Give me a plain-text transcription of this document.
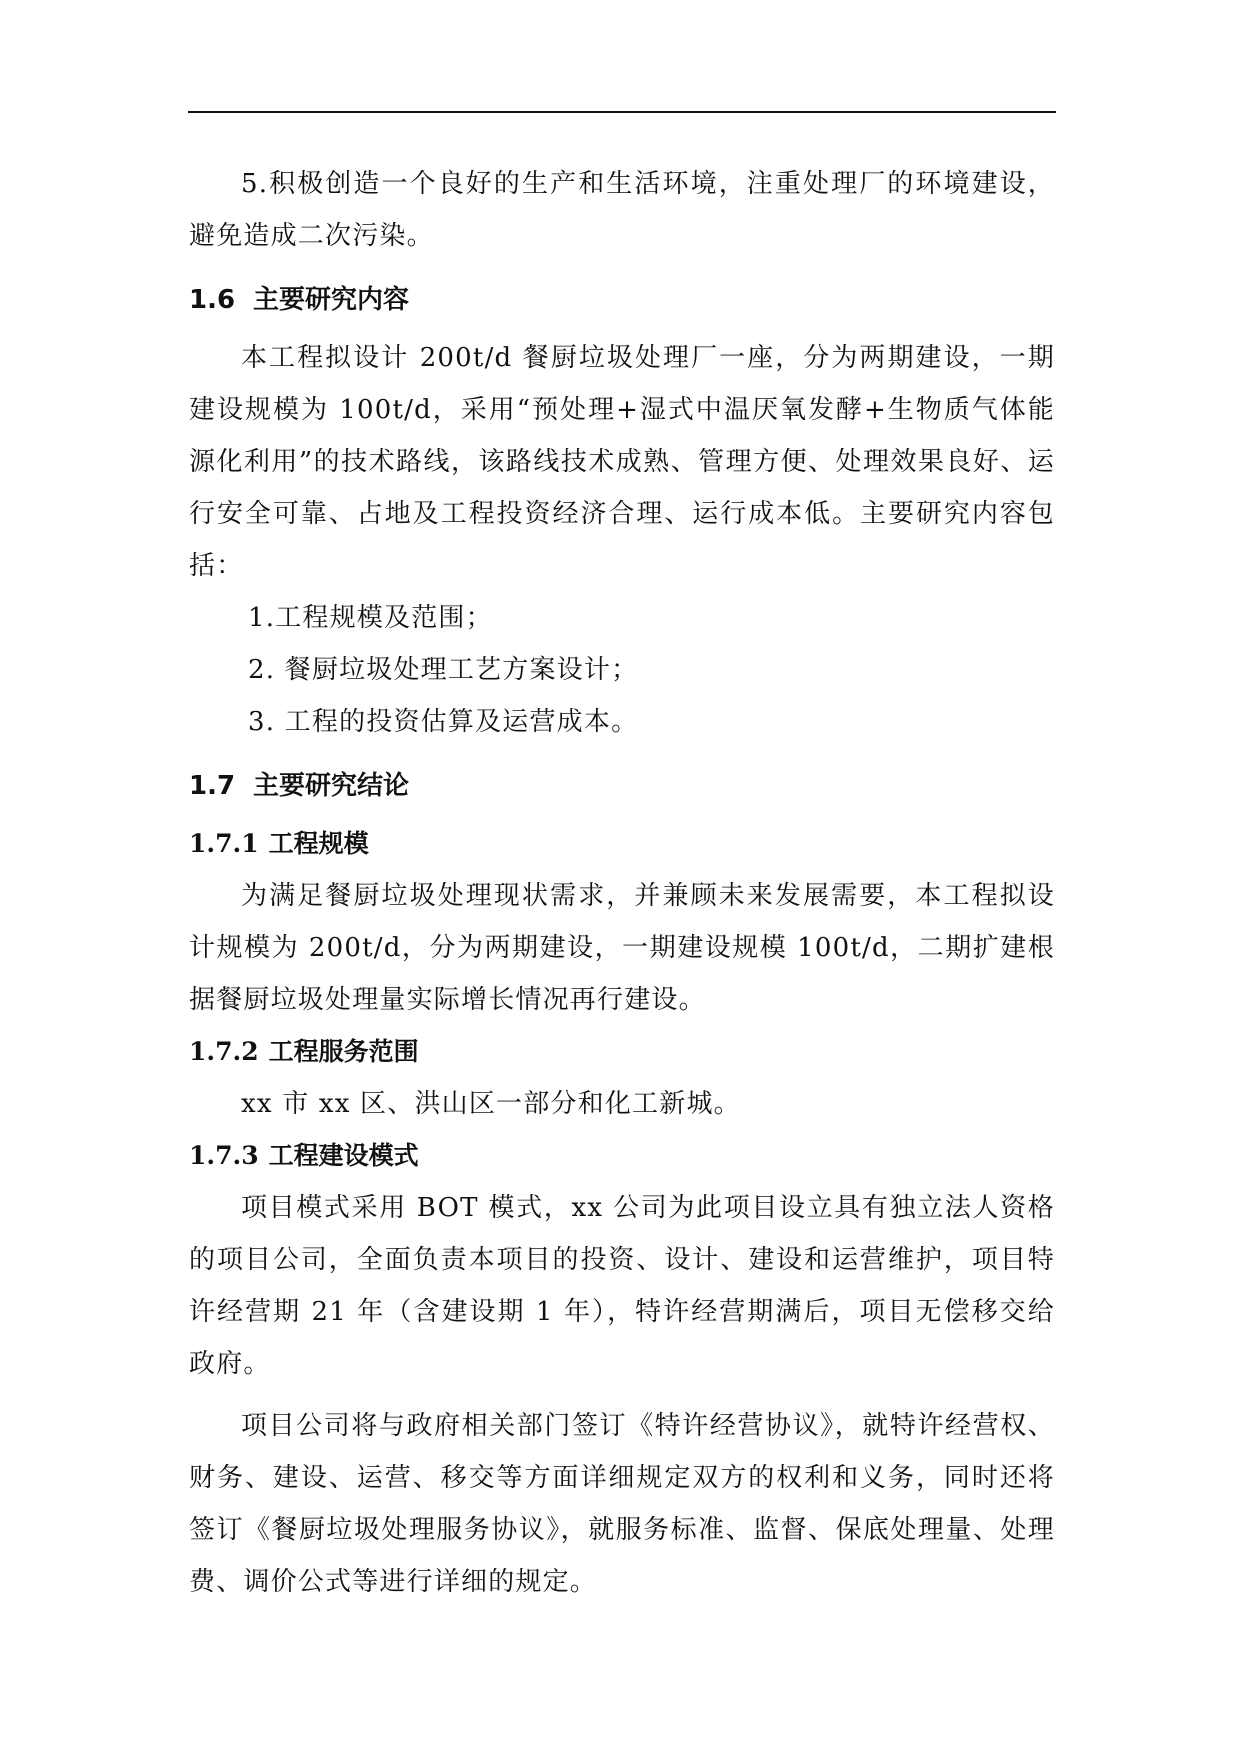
5.积极创造一个良好的生产和生活环境，注重处理厂的环境建设，避免造成二次污染。

1.6 主要研究内容

本工程拟设计 200t/d 餐厨垃圾处理厂一座，分为两期建设，一期建设规模为 100t/d，采用“预处理+湿式中温厌氧发酵+生物质气体能源化利用”的技术路线，该路线技术成熟、管理方便、处理效果良好、运行安全可靠、占地及工程投资经济合理、运行成本低。主要研究内容包括：

1.工程规模及范围；

2. 餐厨垃圾处理工艺方案设计；

3. 工程的投资估算及运营成本。

1.7 主要研究结论
1.7.1 工程规模

为满足餐厨垃圾处理现状需求，并兼顾未来发展需要，本工程拟设计规模为 200t/d，分为两期建设，一期建设规模 100t/d，二期扩建根据餐厨垃圾处理量实际增长情况再行建设。

1.7.2 工程服务范围

xx 市 xx 区、洪山区一部分和化工新城。

1.7.3 工程建设模式

项目模式采用 BOT 模式，xx 公司为此项目设立具有独立法人资格的项目公司，全面负责本项目的投资、设计、建设和运营维护，项目特许经营期 21 年（含建设期 1 年），特许经营期满后，项目无偿移交给政府。

项目公司将与政府相关部门签订《特许经营协议》，就特许经营权、财务、建设、运营、移交等方面详细规定双方的权利和义务，同时还将签订《餐厨垃圾处理服务协议》，就服务标准、监督、保底处理量、处理费、调价公式等进行详细的规定。
